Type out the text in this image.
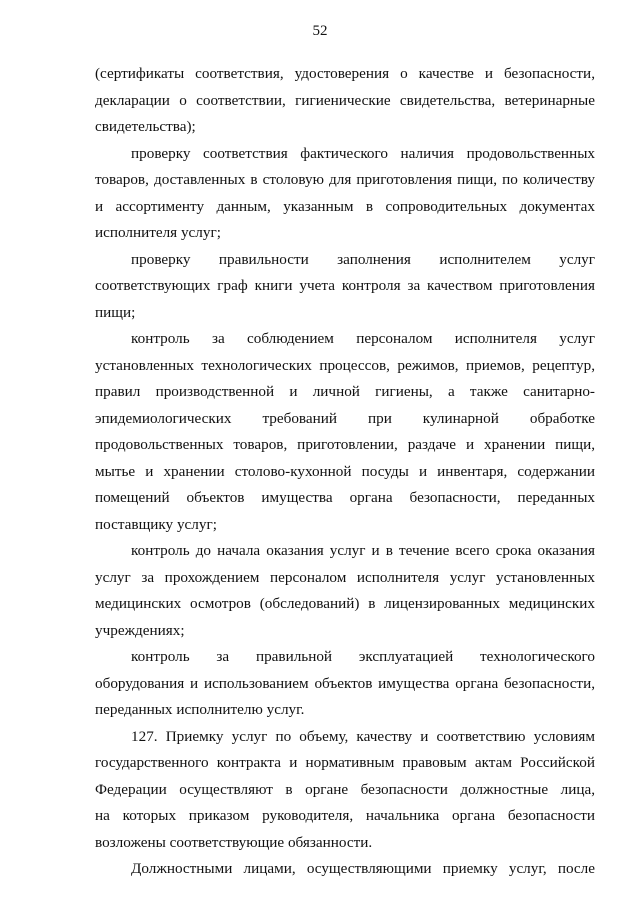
52
(сертификаты соответствия, удостоверения о качестве и безопасности,
декларации о соответствии, гигиенические свидетельства, ветеринарные
свидетельства);
проверку соответствия фактического наличия продовольственных
товаров, доставленных в столовую для приготовления пищи, по количеству
и ассортименту данным, указанным в сопроводительных документах
исполнителя услуг;
проверку правильности заполнения исполнителем услуг
соответствующих граф книги учета контроля за качеством приготовления
пищи;
контроль за соблюдением персоналом исполнителя услуг
установленных технологических процессов, режимов, приемов, рецептур,
правил производственной и личной гигиены, а также санитарно-
эпидемиологических требований при кулинарной обработке
продовольственных товаров, приготовлении, раздаче и хранении пищи,
мытье и хранении столово-кухонной посуды и инвентаря, содержании
помещений объектов имущества органа безопасности, переданных
поставщику услуг;
контроль до начала оказания услуг и в течение всего срока оказания
услуг за прохождением персоналом исполнителя услуг установленных
медицинских осмотров (обследований) в лицензированных медицинских
учреждениях;
контроль за правильной эксплуатацией технологического
оборудования и использованием объектов имущества органа безопасности,
переданных исполнителю услуг.
127. Приемку услуг по объему, качеству и соответствию условиям
государственного контракта и нормативным правовым актам Российской
Федерации осуществляют в органе безопасности должностные лица,
на которых приказом руководителя, начальника органа безопасности
возложены соответствующие обязанности.
Должностными лицами, осуществляющими приемку услуг, после
